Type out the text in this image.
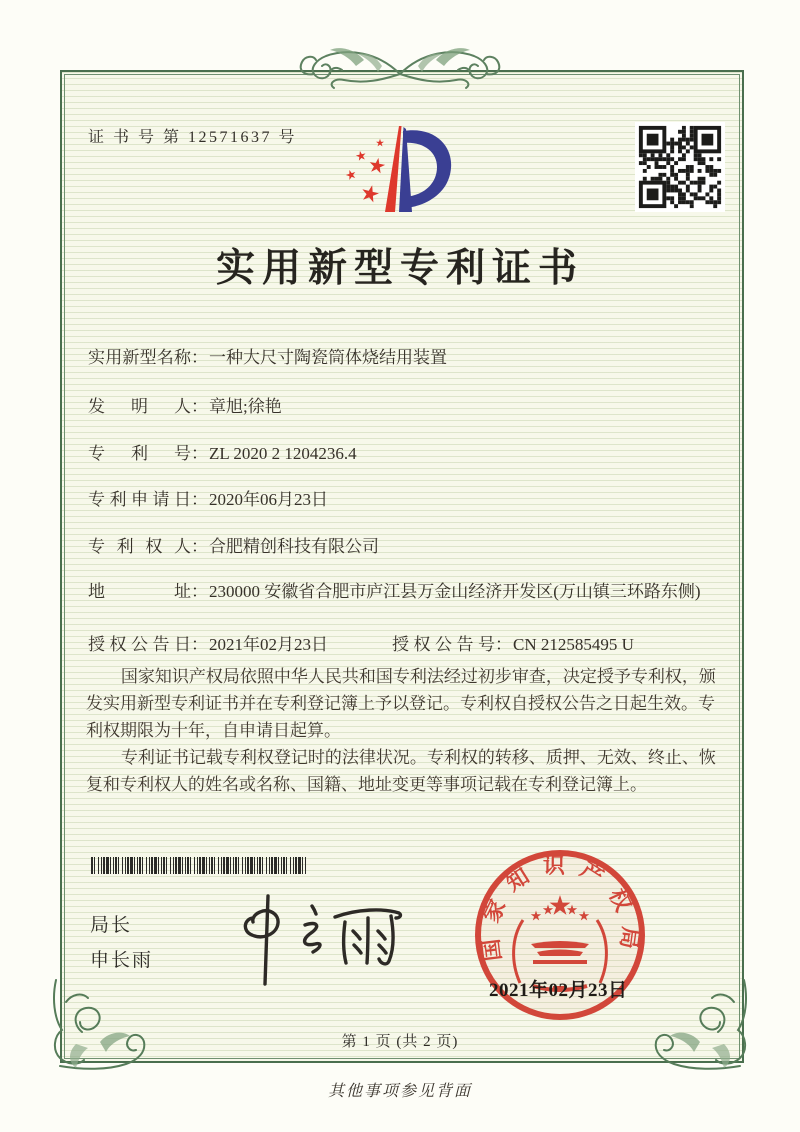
证 书 号 第 12571637 号
实用新型专利证书
实用新型名称 ： 一种大尺寸陶瓷筒体烧结用装置
发明人 ： 章旭;徐艳
专利号 ： ZL 2020 2 1204236.4
专利申请日 ： 2020年06月23日
专利权人 ： 合肥精创科技有限公司
地址 ： 230000 安徽省合肥市庐江县万金山经济开发区(万山镇三环路东侧)
授权公告日 ： 2021年02月23日	授权公告号 ： CN 212585495 U

国家知识产权局依照中华人民共和国专利法经过初步审查，决定授予专利权，颁发实用新型专利证书并在专利登记簿上予以登记。专利权自授权公告之日起生效。专利权期限为十年，自申请日起算。

专利证书记载专利权登记时的法律状况。专利权的转移、质押、无效、终止、恢复和专利权人的姓名或名称、国籍、地址变更等事项记载在专利登记簿上。

局长
申长雨	国家知识产权局
2021年02月23日
第 1 页 (共 2 页)
其他事项参见背面
